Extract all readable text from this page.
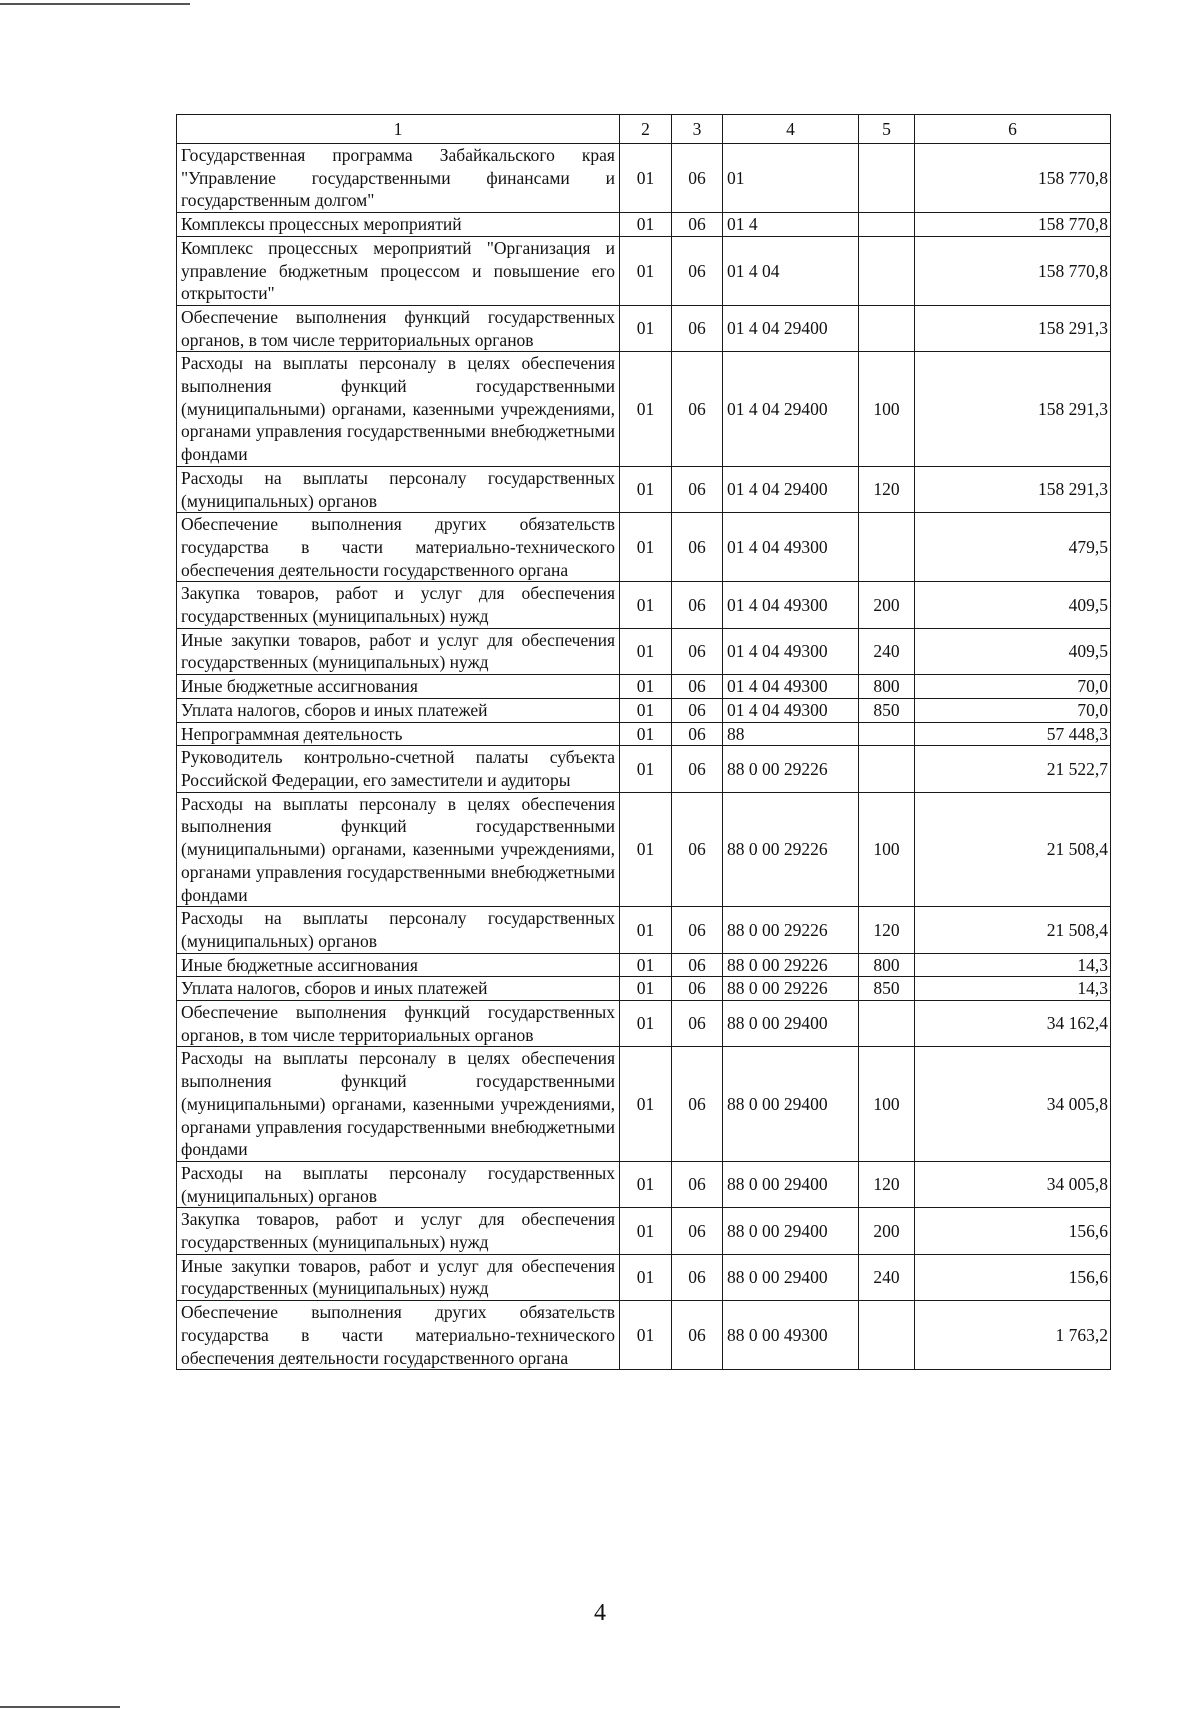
1	2	3	4	5	6
Государственная программа Забайкальского края "Управление государственными финансами и государственным долгом"	01	06	01		158 770,8
Комплексы процессных мероприятий	01	06	01 4		158 770,8
Комплекс процессных мероприятий "Организация и управление бюджетным процессом и повышение его открытости"	01	06	01 4 04		158 770,8
Обеспечение выполнения функций государственных органов, в том числе территориальных органов	01	06	01 4 04 29400		158 291,3
Расходы на выплаты персоналу в целях обеспечения выполнения функций государственными (муниципальными) органами, казенными учреждениями, органами управления государственными внебюджетными фондами	01	06	01 4 04 29400	100	158 291,3
Расходы на выплаты персоналу государственных (муниципальных) органов	01	06	01 4 04 29400	120	158 291,3
Обеспечение выполнения других обязательств государства в части материально-технического обеспечения деятельности государственного органа	01	06	01 4 04 49300		479,5
Закупка товаров, работ и услуг для обеспечения государственных (муниципальных) нужд	01	06	01 4 04 49300	200	409,5
Иные закупки товаров, работ и услуг для обеспечения государственных (муниципальных) нужд	01	06	01 4 04 49300	240	409,5
Иные бюджетные ассигнования	01	06	01 4 04 49300	800	70,0
Уплата налогов, сборов и иных платежей	01	06	01 4 04 49300	850	70,0
Непрограммная деятельность	01	06	88		57 448,3
Руководитель контрольно-счетной палаты субъекта Российской Федерации, его заместители и аудиторы	01	06	88 0 00 29226		21 522,7
Расходы на выплаты персоналу в целях обеспечения выполнения функций государственными (муниципальными) органами, казенными учреждениями, органами управления государственными внебюджетными фондами	01	06	88 0 00 29226	100	21 508,4
Расходы на выплаты персоналу государственных (муниципальных) органов	01	06	88 0 00 29226	120	21 508,4
Иные бюджетные ассигнования	01	06	88 0 00 29226	800	14,3
Уплата налогов, сборов и иных платежей	01	06	88 0 00 29226	850	14,3
Обеспечение выполнения функций государственных органов, в том числе территориальных органов	01	06	88 0 00 29400		34 162,4
Расходы на выплаты персоналу в целях обеспечения выполнения функций государственными (муниципальными) органами, казенными учреждениями, органами управления государственными внебюджетными фондами	01	06	88 0 00 29400	100	34 005,8
Расходы на выплаты персоналу государственных (муниципальных) органов	01	06	88 0 00 29400	120	34 005,8
Закупка товаров, работ и услуг для обеспечения государственных (муниципальных) нужд	01	06	88 0 00 29400	200	156,6
Иные закупки товаров, работ и услуг для обеспечения государственных (муниципальных) нужд	01	06	88 0 00 29400	240	156,6
Обеспечение выполнения других обязательств государства в части материально-технического обеспечения деятельности государственного органа	01	06	88 0 00 49300		1 763,2
4
